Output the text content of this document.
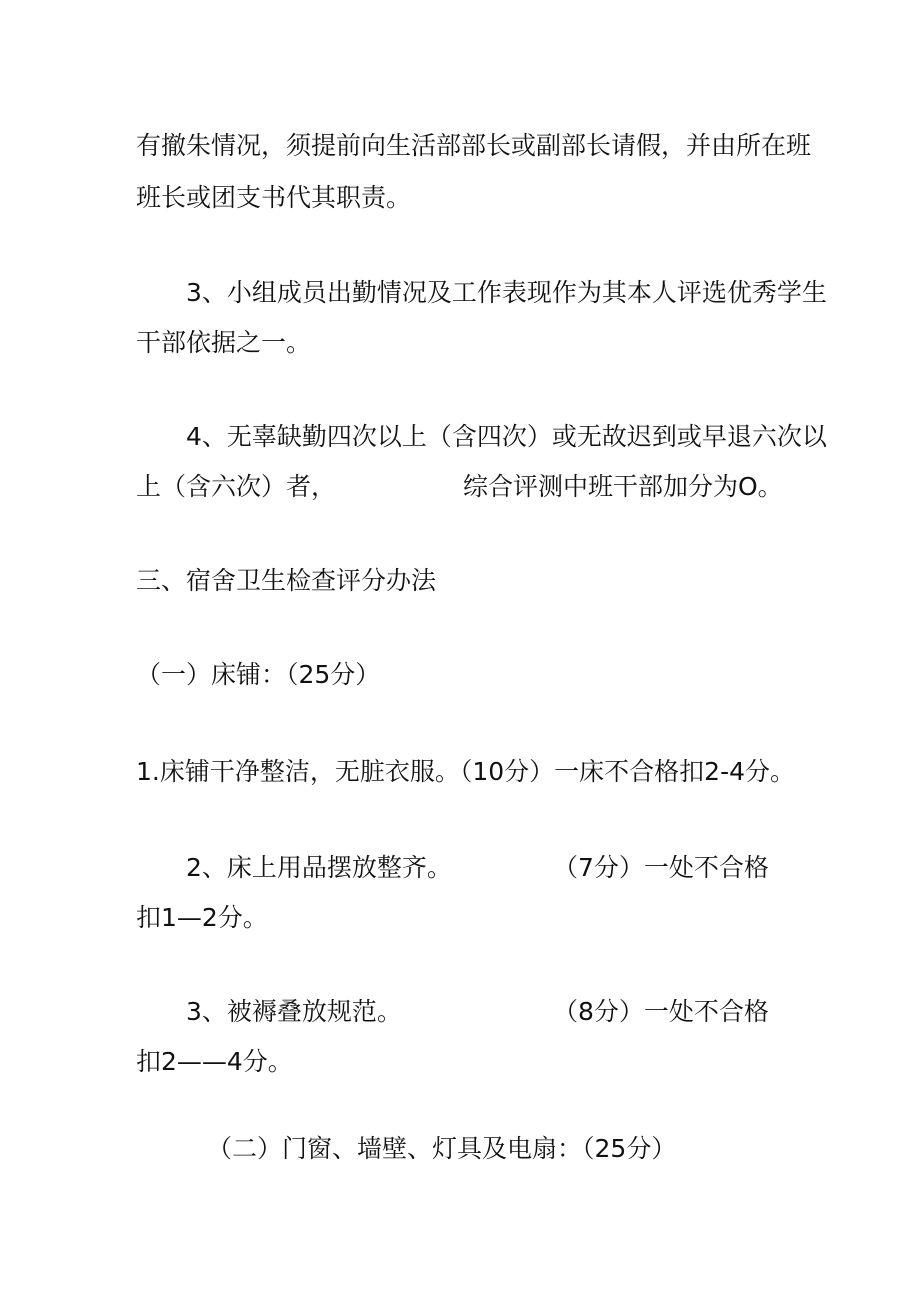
有撤朱情况，须提前向生活部部长或副部长请假，并由所在班
班长或团支书代其职责。
3、小组成员出勤情况及工作表现作为其本人评选优秀学生
干部依据之一。
4、无辜缺勤四次以上（含四次）或无故迟到或早退六次以
上（含六次）者，	综合评测中班干部加分为O。
三、宿舍卫生检查评分办法
（一）床铺：（25分）
1.床铺干净整洁，无脏衣服。（10分）一床不合格扣2-4分。
2、床上用品摆放整齐。	（7分）一处不合格
扣1—2分。
3、被褥叠放规范。	（8分）一处不合格
扣2——4分。
（二）门窗、墙壁、灯具及电扇：（25分）
